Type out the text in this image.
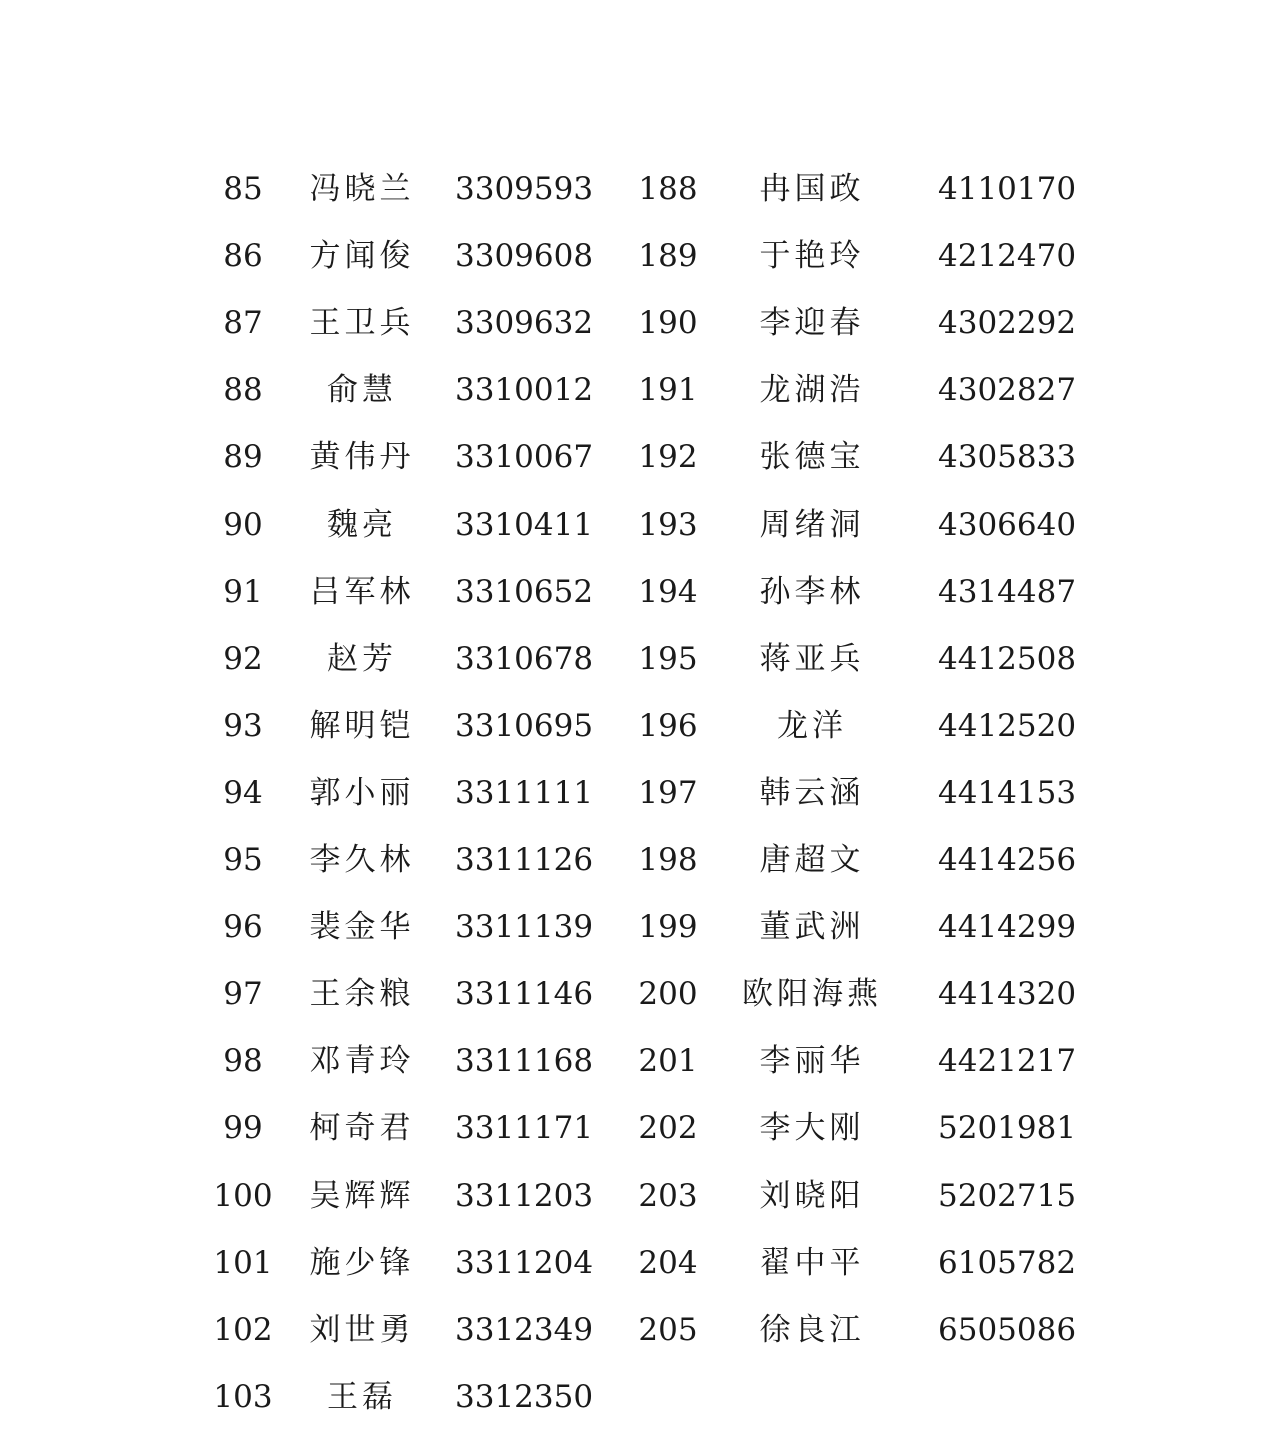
85	冯晓兰	3309593	188	冉国政	4110170
86	方闻俊	3309608	189	于艳玲	4212470
87	王卫兵	3309632	190	李迎春	4302292
88	俞慧	3310012	191	龙湖浩	4302827
89	黄伟丹	3310067	192	张德宝	4305833
90	魏亮	3310411	193	周绪洞	4306640
91	吕军林	3310652	194	孙李林	4314487
92	赵芳	3310678	195	蒋亚兵	4412508
93	解明铠	3310695	196	龙洋	4412520
94	郭小丽	3311111	197	韩云涵	4414153
95	李久林	3311126	198	唐超文	4414256
96	裴金华	3311139	199	董武洲	4414299
97	王余粮	3311146	200	欧阳海燕 4414320
98	邓青玲	3311168	201	李丽华	4421217
99	柯奇君	3311171	202	李大刚	5201981
100	吴辉辉	3311203	203	刘晓阳	5202715
101	施少锋	3311204	204	翟中平	6105782
102	刘世勇	3312349	205	徐良江	6505086
103	王磊	3312350
